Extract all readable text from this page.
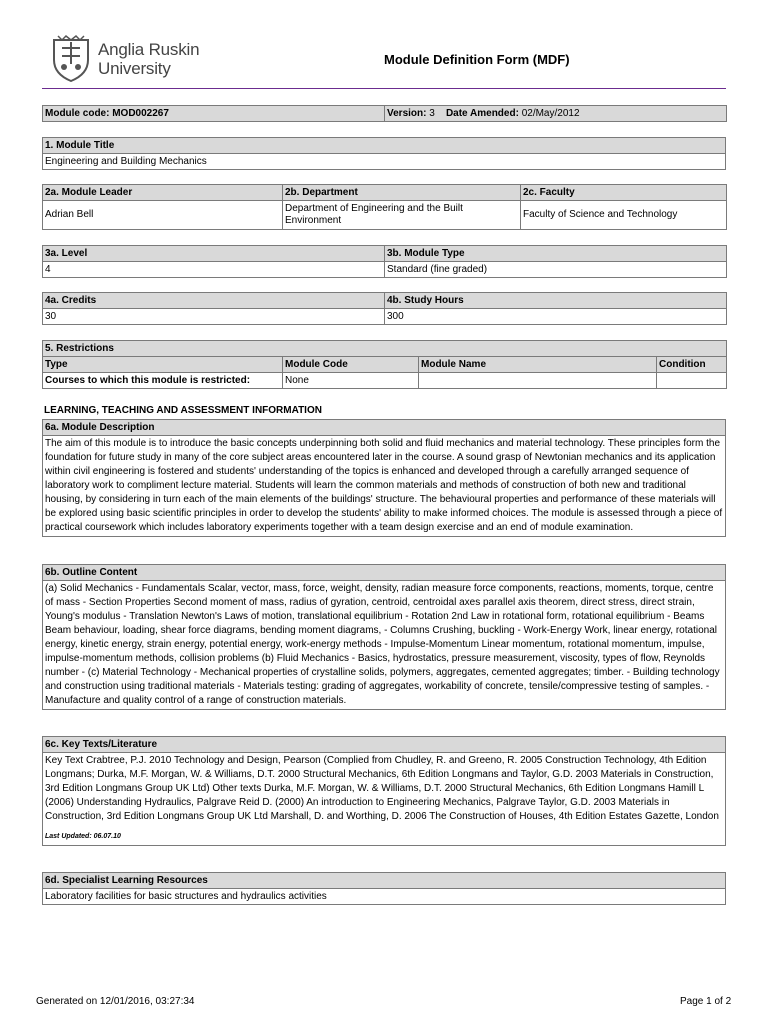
Anglia Ruskin
University	Module Definition Form (MDF)
Module code: MOD002267	Version: 3 Date Amended: 02/May/2012
1. Module Title
Engineering and Building Mechanics
2a. Module Leader	2b. Department	2c. Faculty
Adrian Bell	Department of Engineering and the Built Environment	Faculty of Science and Technology
3a. Level	3b. Module Type
4	Standard (fine graded)
4a. Credits	4b. Study Hours
30	300
5. Restrictions			
Type	Module Code	Module Name	Condition
Courses to which this module is restricted:	None		
LEARNING, TEACHING AND ASSESSMENT INFORMATION
6a. Module Description
The aim of this module is to introduce the basic concepts underpinning both solid and fluid mechanics and material technology. These principles form the foundation for future study in many of the core subject areas encountered later in the course. A sound grasp of Newtonian mechanics and its application within civil engineering is fostered and students' understanding of the topics is enhanced and developed through a carefully arranged sequence of laboratory work to compliment lecture material. Students will learn the common materials and methods of construction of both new and traditional housing, by considering in turn each of the main elements of the buildings' structure. The behavioural properties and performance of these materials will be explored using basic scientific principles in order to develop the students' ability to make informed choices. The module is assessed through a piece of practical coursework which includes laboratory experiments together with a team design exercise and an end of module examination.
6b. Outline Content
(a) Solid Mechanics - Fundamentals Scalar, vector, mass, force, weight, density, radian measure force components, reactions, moments, torque, centre of mass - Section Properties Second moment of mass, radius of gyration, centroid, centroidal axes parallel axis theorem, direct stress, direct strain, Young's modulus - Translation Newton's Laws of motion, translational equilibrium - Rotation 2nd Law in rotational form, rotational equilibrium - Beams Beam behaviour, loading, shear force diagrams, bending moment diagrams, - Columns Crushing, buckling - Work-Energy Work, linear energy, rotational energy, kinetic energy, strain energy, potential energy, work-energy methods - Impulse-Momentum Linear momentum, rotational momentum, impulse, impulse-momentum methods, collision problems (b) Fluid Mechanics - Basics, hydrostatics, pressure measurement, viscosity, types of flow, Reynolds number - (c) Material Technology - Mechanical properties of crystalline solids, polymers, aggregates, cemented aggregates; timber. - Building technology and construction using traditional materials - Materials testing: grading of aggregates, workability of concrete, tensile/compressive testing of samples. - Manufacture and quality control of a range of construction materials.
6c. Key Texts/Literature

Key Text Crabtree, P.J. 2010 Technology and Design, Pearson (Complied from Chudley, R. and Greeno, R. 2005 Construction Technology, 4th Edition Longmans; Durka, M.F. Morgan, W. & Williams, D.T. 2000 Structural Mechanics, 6th Edition Longmans and Taylor, G.D. 2003 Materials in Construction, 3rd Edition Longmans Group UK Ltd) Other texts Durka, M.F. Morgan, W. & Williams, D.T. 2000 Structural Mechanics, 6th Edition Longmans Hamill L (2006) Understanding Hydraulics, Palgrave Reid D. (2000) An introduction to Engineering Mechanics, Palgrave Taylor, G.D. 2003 Materials in Construction, 3rd Edition Longmans Group UK Ltd Marshall, D. and Worthing, D. 2006 The Construction of Houses, 4th Edition Estates Gazette, London
Last Updated: 06.07.10
6d. Specialist Learning Resources
Laboratory facilities for basic structures and hydraulics activities
Generated on 12/01/2016, 03:27:34	Page 1 of 2
